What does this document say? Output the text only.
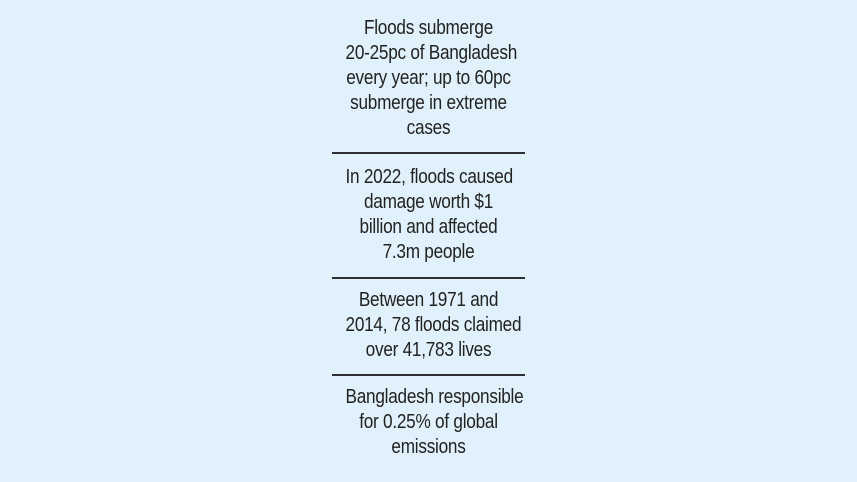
Floods submerge
20-25pc of Bangladesh
every year; up to 60pc
submerge in extreme
cases
In 2022, floods caused
damage worth $1
billion and affected
7.3m people
Between 1971 and
2014, 78 floods claimed
over 41,783 lives
Bangladesh responsible
for 0.25% of global
emissions
